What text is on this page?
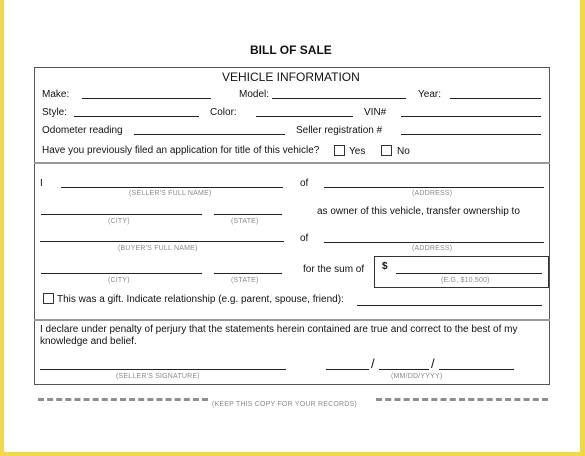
BILL OF SALE
VEHICLE INFORMATION
Make:	Model:	Year:
Style:	Color:	VIN#
Odometer reading	Seller registration #
Have you previously filed an application for title of this vehicle?	Yes	No
I
(SELLER'S FULL NAME)
of
(ADDRESS)
(CITY)	(STATE)
as owner of this vehicle, transfer ownership to
(BUYER'S FULL NAME)
of
(ADDRESS)
(CITY)	(STATE)
for the sum of $
(E.G, $10,500)
This was a gift. Indicate relationship (e.g. parent, spouse, friend):
I declare under penalty of perjury that the statements herein contained are true and correct to the best of my
knowledge and belief.
(SELLER'S SIGNATURE)
/	/
(MM/DD/YYYY)
(KEEP THIS COPY FOR YOUR RECORDS)
